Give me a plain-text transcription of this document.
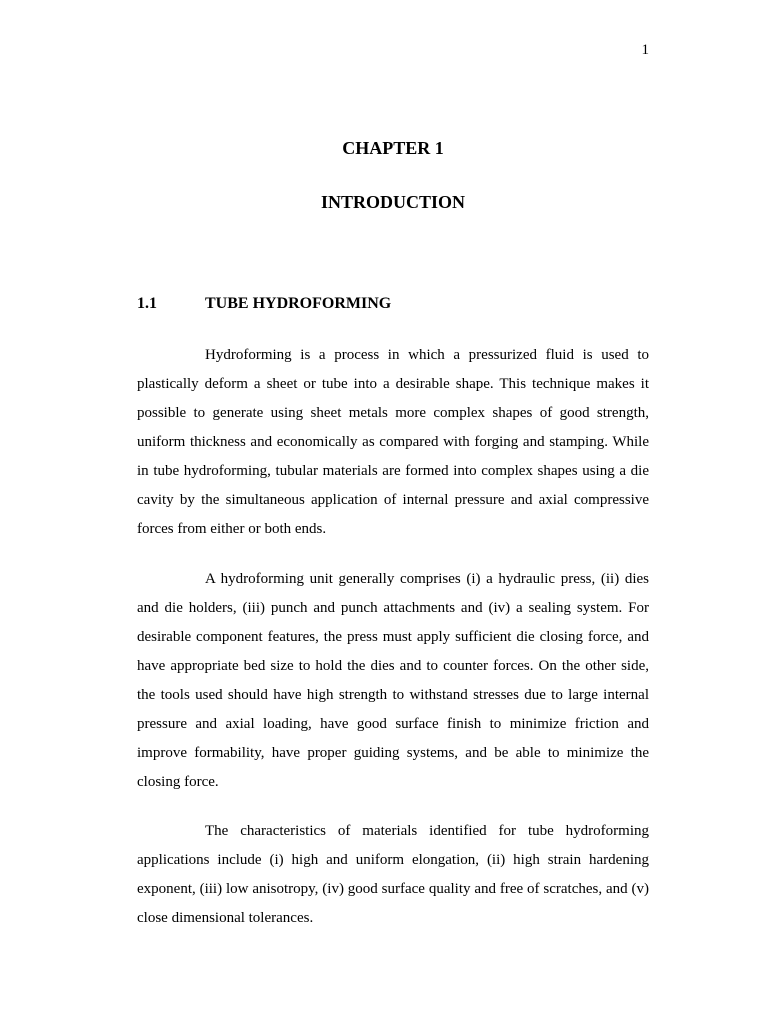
1
CHAPTER 1
INTRODUCTION
1.1	TUBE HYDROFORMING

Hydroforming is a process in which a pressurized fluid is used to plastically deform a sheet or tube into a desirable shape. This technique makes it possible to generate using sheet metals more complex shapes of good strength, uniform thickness and economically as compared with forging and stamping. While in tube hydroforming, tubular materials are formed into complex shapes using a die cavity by the simultaneous application of internal pressure and axial compressive forces from either or both ends.

A hydroforming unit generally comprises (i) a hydraulic press, (ii) dies and die holders, (iii) punch and punch attachments and (iv) a sealing system. For desirable component features, the press must apply sufficient die closing force, and have appropriate bed size to hold the dies and to counter forces. On the other side, the tools used should have high strength to withstand stresses due to large internal pressure and axial loading, have good surface finish to minimize friction and improve formability, have proper guiding systems, and be able to minimize the closing force.

The characteristics of materials identified for tube hydroforming applications include (i) high and uniform elongation, (ii) high strain hardening exponent, (iii) low anisotropy, (iv) good surface quality and free of scratches, and (v) close dimensional tolerances.
